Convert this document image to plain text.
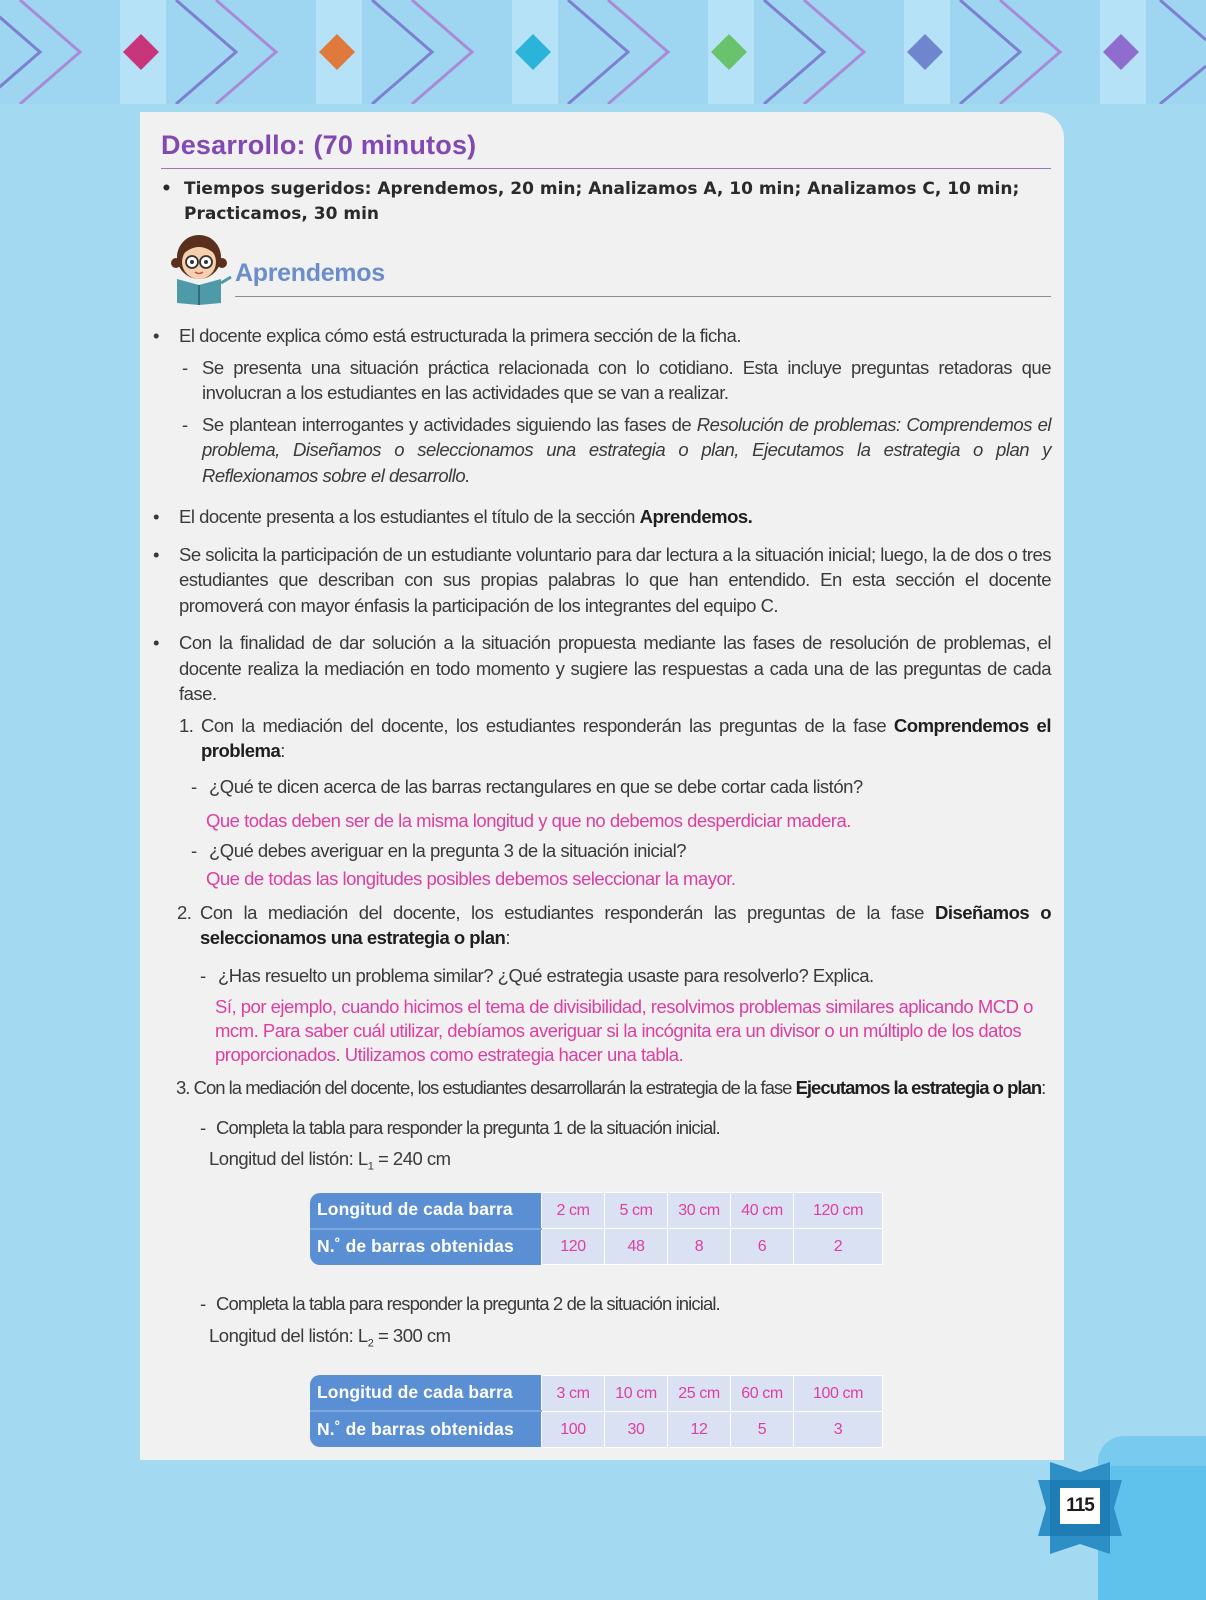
Desarrollo: (70 minutos)
• Tiempos sugeridos: Aprendemos, 20 min; Analizamos A, 10 min; Analizamos C, 10 min; Practicamos, 30 min
Aprendemos
• El docente explica cómo está estructurada la primera sección de la ficha.
- Se presenta una situación práctica relacionada con lo cotidiano. Esta incluye preguntas retadoras que involucran a los estudiantes en las actividades que se van a realizar.
- Se plantean interrogantes y actividades siguiendo las fases de Resolución de problemas: Comprendemos el problema, Diseñamos o seleccionamos una estrategia o plan, Ejecutamos la estrategia o plan y Reflexionamos sobre el desarrollo.
• El docente presenta a los estudiantes el título de la sección Aprendemos.
• Se solicita la participación de un estudiante voluntario para dar lectura a la situación inicial; luego, la de dos o tres estudiantes que describan con sus propias palabras lo que han entendido. En esta sección el docente promoverá con mayor énfasis la participación de los integrantes del equipo C.
• Con la finalidad de dar solución a la situación propuesta mediante las fases de resolución de problemas, el docente realiza la mediación en todo momento y sugiere las respuestas a cada una de las preguntas de cada fase.
1. Con la mediación del docente, los estudiantes responderán las preguntas de la fase Comprendemos el problema:
- ¿Qué te dicen acerca de las barras rectangulares en que se debe cortar cada listón?
Que todas deben ser de la misma longitud y que no debemos desperdiciar madera.
- ¿Qué debes averiguar en la pregunta 3 de la situación inicial?
Que de todas las longitudes posibles debemos seleccionar la mayor.
2. Con la mediación del docente, los estudiantes responderán las preguntas de la fase Diseñamos o seleccionamos una estrategia o plan:
- ¿Has resuelto un problema similar? ¿Qué estrategia usaste para resolverlo? Explica.
Sí, por ejemplo, cuando hicimos el tema de divisibilidad, resolvimos problemas similares aplicando MCD o mcm. Para saber cuál utilizar, debíamos averiguar si la incógnita era un divisor o un múltiplo de los datos proporcionados. Utilizamos como estrategia hacer una tabla.
3. Con la mediación del docente, los estudiantes desarrollarán la estrategia de la fase Ejecutamos la estrategia o plan:
- Completa la tabla para responder la pregunta 1 de la situación inicial.
Longitud del listón: $L_1 = 240$ cm
Longitud de cada barra	2 cm	5 cm	30 cm	40 cm	120 cm
N.˚ de barras obtenidas	120	48	8	6	2
- Completa la tabla para responder la pregunta 2 de la situación inicial.
Longitud del listón: $L_2 = 300$ cm
Longitud de cada barra	3 cm	10 cm	25 cm	60 cm	100 cm
N.˚ de barras obtenidas	100	30	12	5	3
115
